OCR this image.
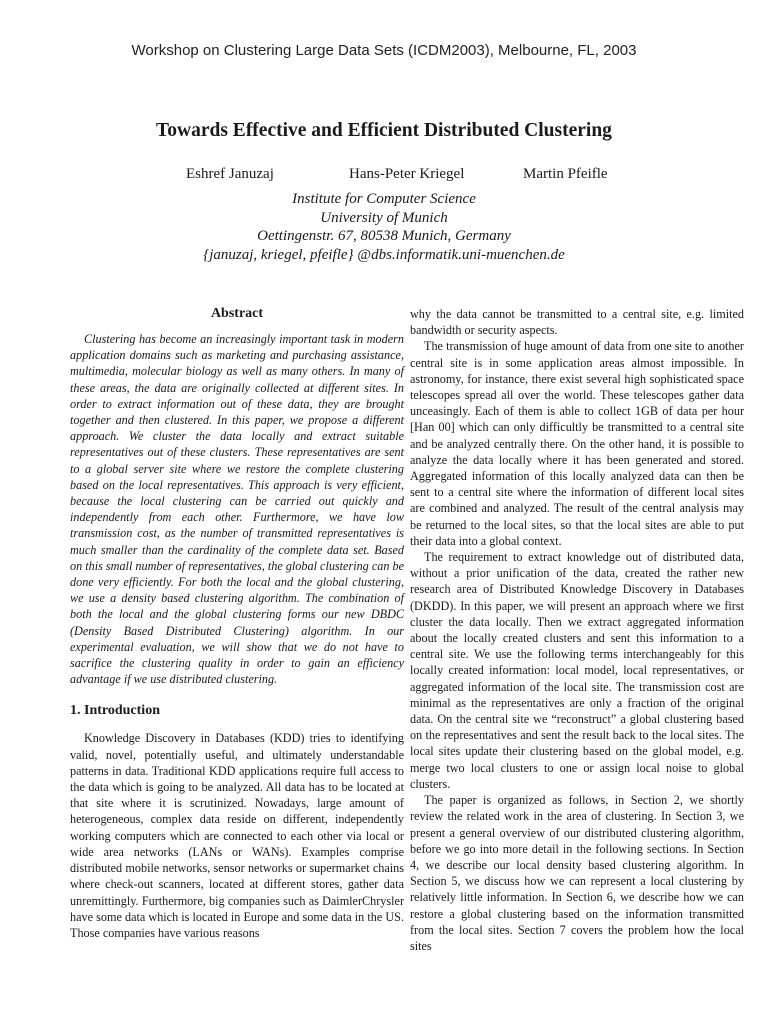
Workshop on Clustering Large Data Sets (ICDM2003), Melbourne, FL, 2003
Towards Effective and Efficient Distributed Clustering
Eshref Januzaj	Hans-Peter Kriegel	Martin Pfeifle
Institute for Computer Science
University of Munich
Oettingenstr. 67, 80538 Munich, Germany
{januzaj, kriegel, pfeifle} @dbs.informatik.uni-muenchen.de
Abstract

Clustering has become an increasingly important task in modern application domains such as marketing and purchasing assistance, multimedia, molecular biology as well as many others. In many of these areas, the data are originally collected at different sites. In order to extract information out of these data, they are brought together and then clustered. In this paper, we propose a different approach. We cluster the data locally and extract suitable representatives out of these clusters. These representatives are sent to a global server site where we restore the complete clustering based on the local representatives. This approach is very efficient, because the local clustering can be carried out quickly and independently from each other. Furthermore, we have low transmission cost, as the number of transmitted representatives is much smaller than the cardinality of the complete data set. Based on this small number of representatives, the global clustering can be done very efficiently. For both the local and the global clustering, we use a density based clustering algorithm. The combination of both the local and the global clustering forms our new DBDC (Density Based Distributed Clustering) algorithm. In our experimental evaluation, we will show that we do not have to sacrifice the clustering quality in order to gain an efficiency advantage if we use distributed clustering.

1. Introduction

Knowledge Discovery in Databases (KDD) tries to identifying valid, novel, potentially useful, and ultimately understandable patterns in data. Traditional KDD applications require full access to the data which is going to be analyzed. All data has to be located at that site where it is scrutinized. Nowadays, large amount of heterogeneous, complex data reside on different, independently working computers which are connected to each other via local or wide area networks (LANs or WANs). Examples comprise distributed mobile networks, sensor networks or supermarket chains where check-out scanners, located at different stores, gather data unremittingly. Furthermore, big companies such as DaimlerChrysler have some data which is located in Europe and some data in the US. Those companies have various reasons

why the data cannot be transmitted to a central site, e.g. limited bandwidth or security aspects.

The transmission of huge amount of data from one site to another central site is in some application areas almost impossible. In astronomy, for instance, there exist several high sophisticated space telescopes spread all over the world. These telescopes gather data unceasingly. Each of them is able to collect 1GB of data per hour [Han 00] which can only difficultly be transmitted to a central site and be analyzed centrally there. On the other hand, it is possible to analyze the data locally where it has been generated and stored. Aggregated information of this locally analyzed data can then be sent to a central site where the information of different local sites are combined and analyzed. The result of the central analysis may be returned to the local sites, so that the local sites are able to put their data into a global context.

The requirement to extract knowledge out of distributed data, without a prior unification of the data, created the rather new research area of Distributed Knowledge Discovery in Databases (DKDD). In this paper, we will present an approach where we first cluster the data locally. Then we extract aggregated information about the locally created clusters and sent this information to a central site. We use the following terms interchangeably for this locally created information: local model, local representatives, or aggregated information of the local site. The transmission cost are minimal as the representatives are only a fraction of the original data. On the central site we “reconstruct” a global clustering based on the representatives and sent the result back to the local sites. The local sites update their clustering based on the global model, e.g. merge two local clusters to one or assign local noise to global clusters.

The paper is organized as follows, in Section 2, we shortly review the related work in the area of clustering. In Section 3, we present a general overview of our distributed clustering algorithm, before we go into more detail in the following sections. In Section 4, we describe our local density based clustering algorithm. In Section 5, we discuss how we can represent a local clustering by relatively little information. In Section 6, we describe how we can restore a global clustering based on the information transmitted from the local sites. Section 7 covers the problem how the local sites
